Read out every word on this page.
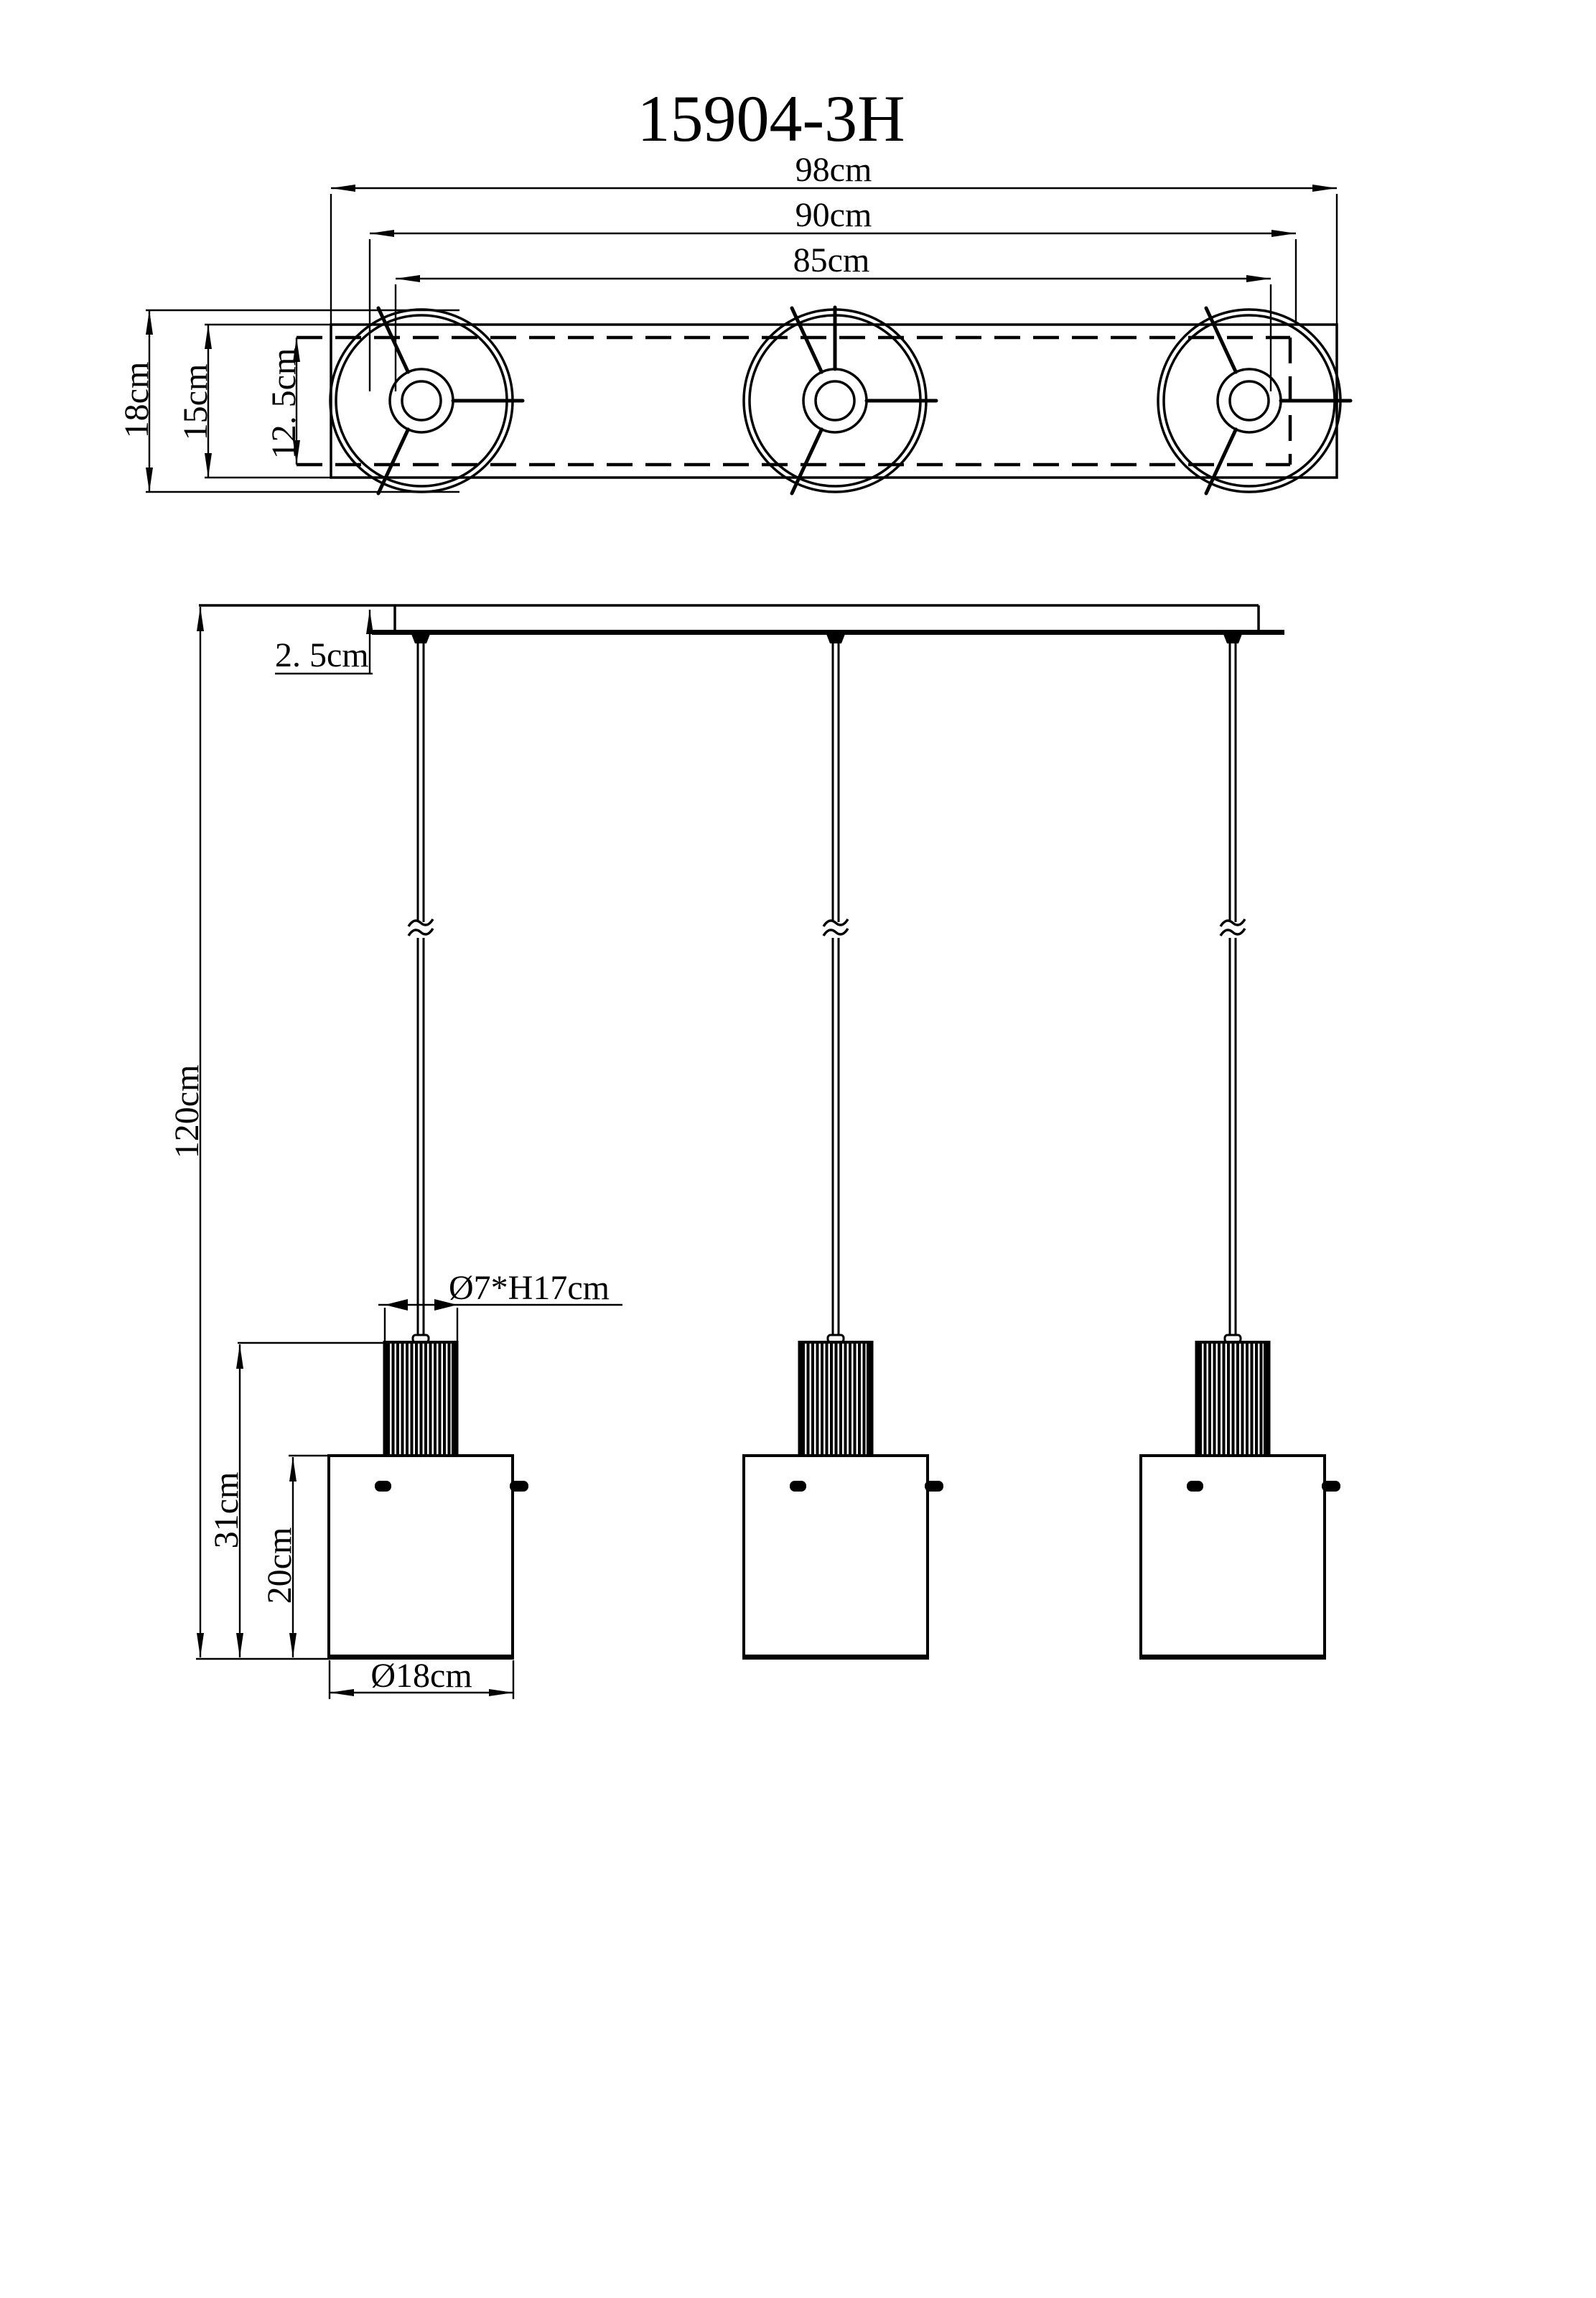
15904-3H
98cm
90cm
85cm
18cm 15cm 12. 5cm
120cm
2. 5cm
Ø7*H17cm
31cm
20cm
Ø18cm
